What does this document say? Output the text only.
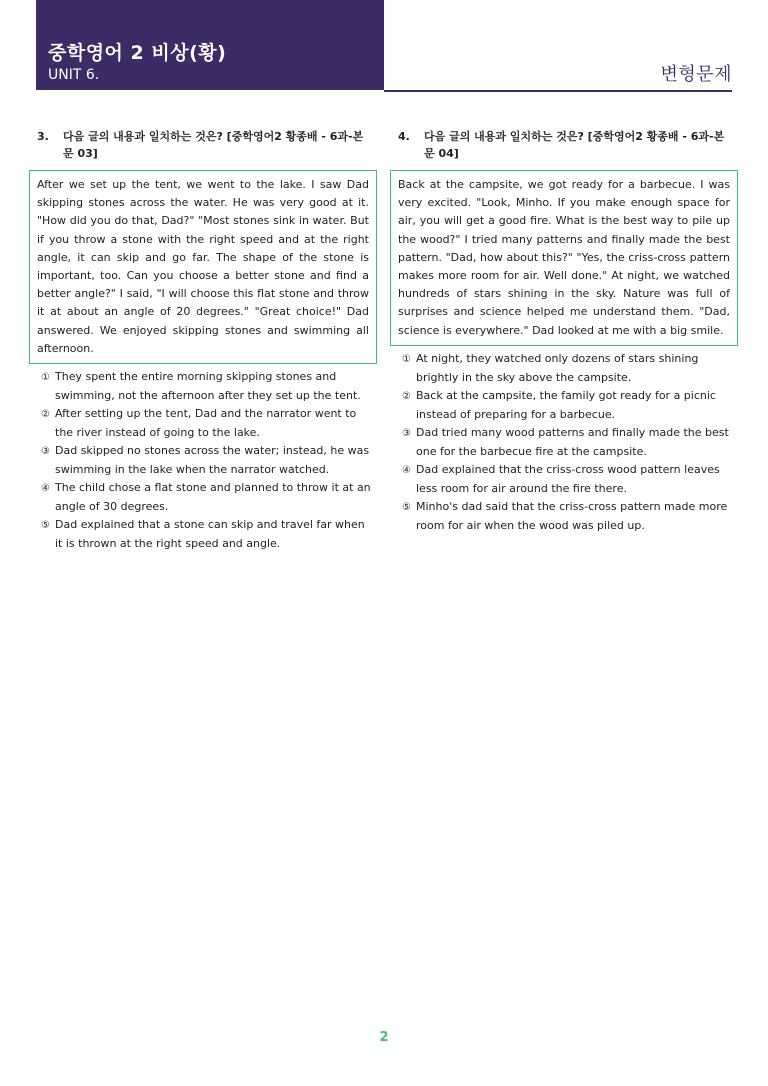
중학영어 2 비상(황)
UNIT 6.	변형문제
3.	다음 글의 내용과 일치하는 것은? [중학영어2 황종배 - 6과-본문 03]
After we set up the tent, we went to the lake. I saw Dad skipping stones across the water. He was very good at it. "How did you do that, Dad?" "Most stones sink in water. But if you throw a stone with the right speed and at the right angle, it can skip and go far. The shape of the stone is important, too. Can you choose a better stone and find a better angle?" I said, "I will choose this flat stone and throw it at about an angle of 20 degrees." "Great choice!" Dad answered. We enjoyed skipping stones and swimming all afternoon.
① They spent the entire morning skipping stones and swimming, not the afternoon after they set up the tent.
② After setting up the tent, Dad and the narrator went to the river instead of going to the lake.
③ Dad skipped no stones across the water; instead, he was swimming in the lake when the narrator watched.
④ The child chose a flat stone and planned to throw it at an angle of 30 degrees.
⑤ Dad explained that a stone can skip and travel far when it is thrown at the right speed and angle.
4.	다음 글의 내용과 일치하는 것은? [중학영어2 황종배 - 6과-본문 04]
Back at the campsite, we got ready for a barbecue. I was very excited. "Look, Minho. If you make enough space for air, you will get a good fire. What is the best way to pile up the wood?" I tried many patterns and finally made the best pattern. "Dad, how about this?" "Yes, the criss-cross pattern makes more room for air. Well done." At night, we watched hundreds of stars shining in the sky. Nature was full of surprises and science helped me understand them. "Dad, science is everywhere." Dad looked at me with a big smile.
① At night, they watched only dozens of stars shining brightly in the sky above the campsite.
② Back at the campsite, the family got ready for a picnic instead of preparing for a barbecue.
③ Dad tried many wood patterns and finally made the best one for the barbecue fire at the campsite.
④ Dad explained that the criss-cross wood pattern leaves less room for air around the fire there.
⑤ Minho's dad said that the criss-cross pattern made more room for air when the wood was piled up.
2
